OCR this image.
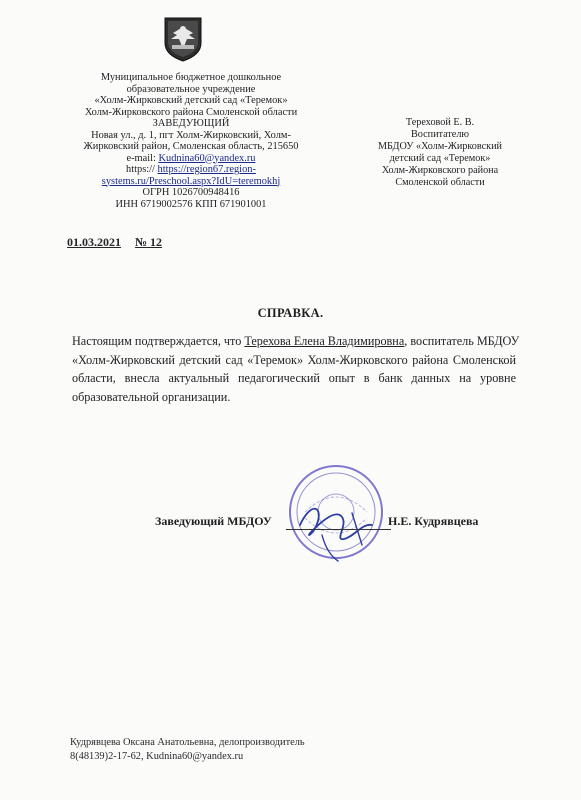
Муниципальное бюджетное дошкольное
образовательное учреждение
«Холм-Жирковский детский сад «Теремок»
Холм-Жирковского района Смоленской области
ЗАВЕДУЮЩИЙ
Новая ул., д. 1, пгт Холм-Жирковский, Холм-
Жирковский район, Смоленская область, 215650
e-mail: Kudnina60@yandex.ru
https:// https://region67.region-
systems.ru/Preschool.aspx?IdU=teremokhj
ОГРН 1026700948416
ИНН 6719002576 КПП 671901001
Тереховой Е. В.
Воспитателю
МБДОУ «Холм-Жирковский
детский сад «Теремок»
Холм-Жирковского района
Смоленской области
01.03.2021 № 12
СПРАВКА.
Настоящим подтверждается, что Терехова Елена Владимировна, воспитатель МБДОУ
«Холм-Жирковский детский сад «Теремок» Холм-Жирковского района Смоленской
области, внесла актуальный педагогический опыт в банк данных на уровне
образовательной организации.
Заведующий МБДОУ	Н.Е. Кудрявцева
Кудрявцева Оксана Анатольевна, делопроизводитель
8(48139)2-17-62, Kudnina60@yandex.ru
